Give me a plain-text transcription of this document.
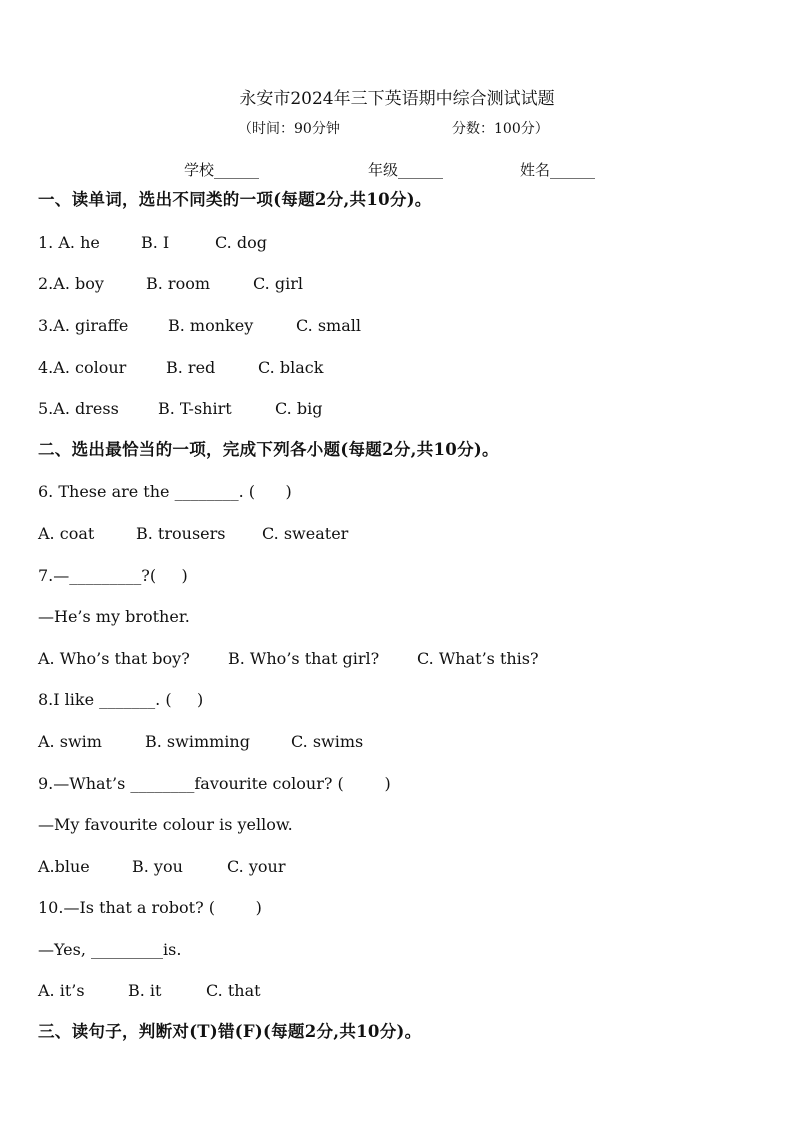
永安市2024年三下英语期中综合测试试题
（时间：90分钟	分数：100分）
学校______	年级______	姓名______
一、读单词，选出不同类的一项(每题2分,共10分)。
1. A. he	B. I	C. dog
2.A. boy	B. room	C. girl
3.A. giraffe B. monkey	C. small
4.A. colour B. red	C. black
5.A. dress B. T-shirt	C. big
二、选出最恰当的一项，完成下列各小题(每题2分,共10分)。
6. These are the ________. (      )
A. coat	B. trousers C. sweater
7.—_________?(     )
—He’s my brother.
A. Who’s that boy? B. Who’s that girl? C. What’s this?
8.I like _______. (     )
A. swim	B. swimming	C. swims
9.—What’s ________favourite colour? (        )
—My favourite colour is yellow.
A.blue	B. you	C. your
10.—Is that a robot? (        )
—Yes, _________is.
A. it’s	B. it	C. that
三、读句子，判断对(T)错(F)(每题2分,共10分)。
